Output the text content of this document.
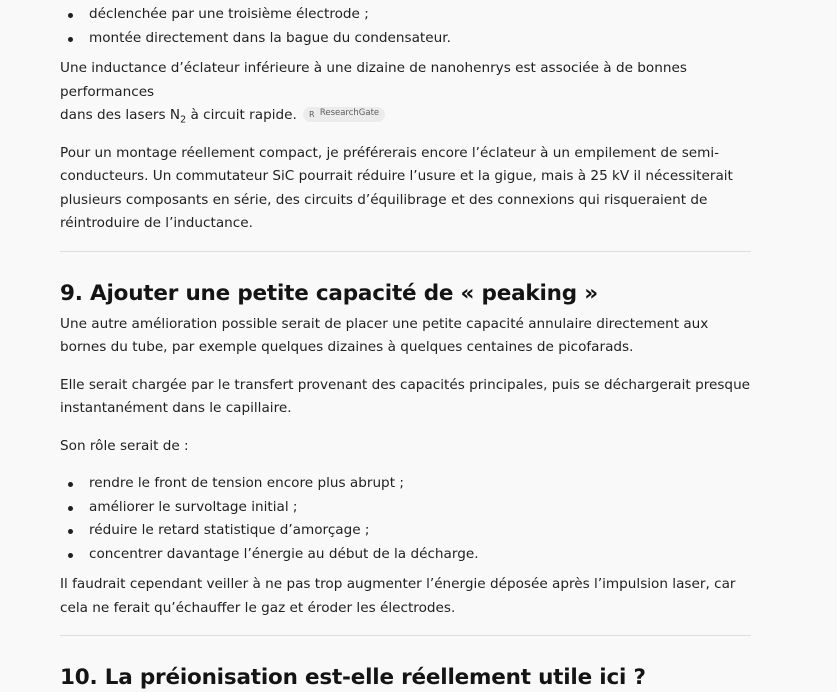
déclenchée par une troisième électrode ;
montée directement dans la bague du condensateur.

Une inductance d’éclateur inférieure à une dizaine de nanohenrys est associée à de bonnes performances
dans des lasers $N_2$ à circuit rapide. R ResearchGate

Pour un montage réellement compact, je préférerais encore l’éclateur à un empilement de semi-conducteurs. Un commutateur SiC pourrait réduire l’usure et la gigue, mais à 25 kV il nécessiterait plusieurs composants en série, des circuits d’équilibrage et des connexions qui risqueraient de réintroduire de l’inductance.

9. Ajouter une petite capacité de « peaking »

Une autre amélioration possible serait de placer une petite capacité annulaire directement aux bornes du tube, par exemple quelques dizaines à quelques centaines de picofarads.

Elle serait chargée par le transfert provenant des capacités principales, puis se déchargerait presque instantanément dans le capillaire.

Son rôle serait de :

rendre le front de tension encore plus abrupt ;
améliorer le survoltage initial ;
réduire le retard statistique d’amorçage ;
concentrer davantage l’énergie au début de la décharge.

Il faudrait cependant veiller à ne pas trop augmenter l’énergie déposée après l’impulsion laser, car cela ne ferait qu’échauffer le gaz et éroder les électrodes.

10. La préionisation est-elle réellement utile ici ?
